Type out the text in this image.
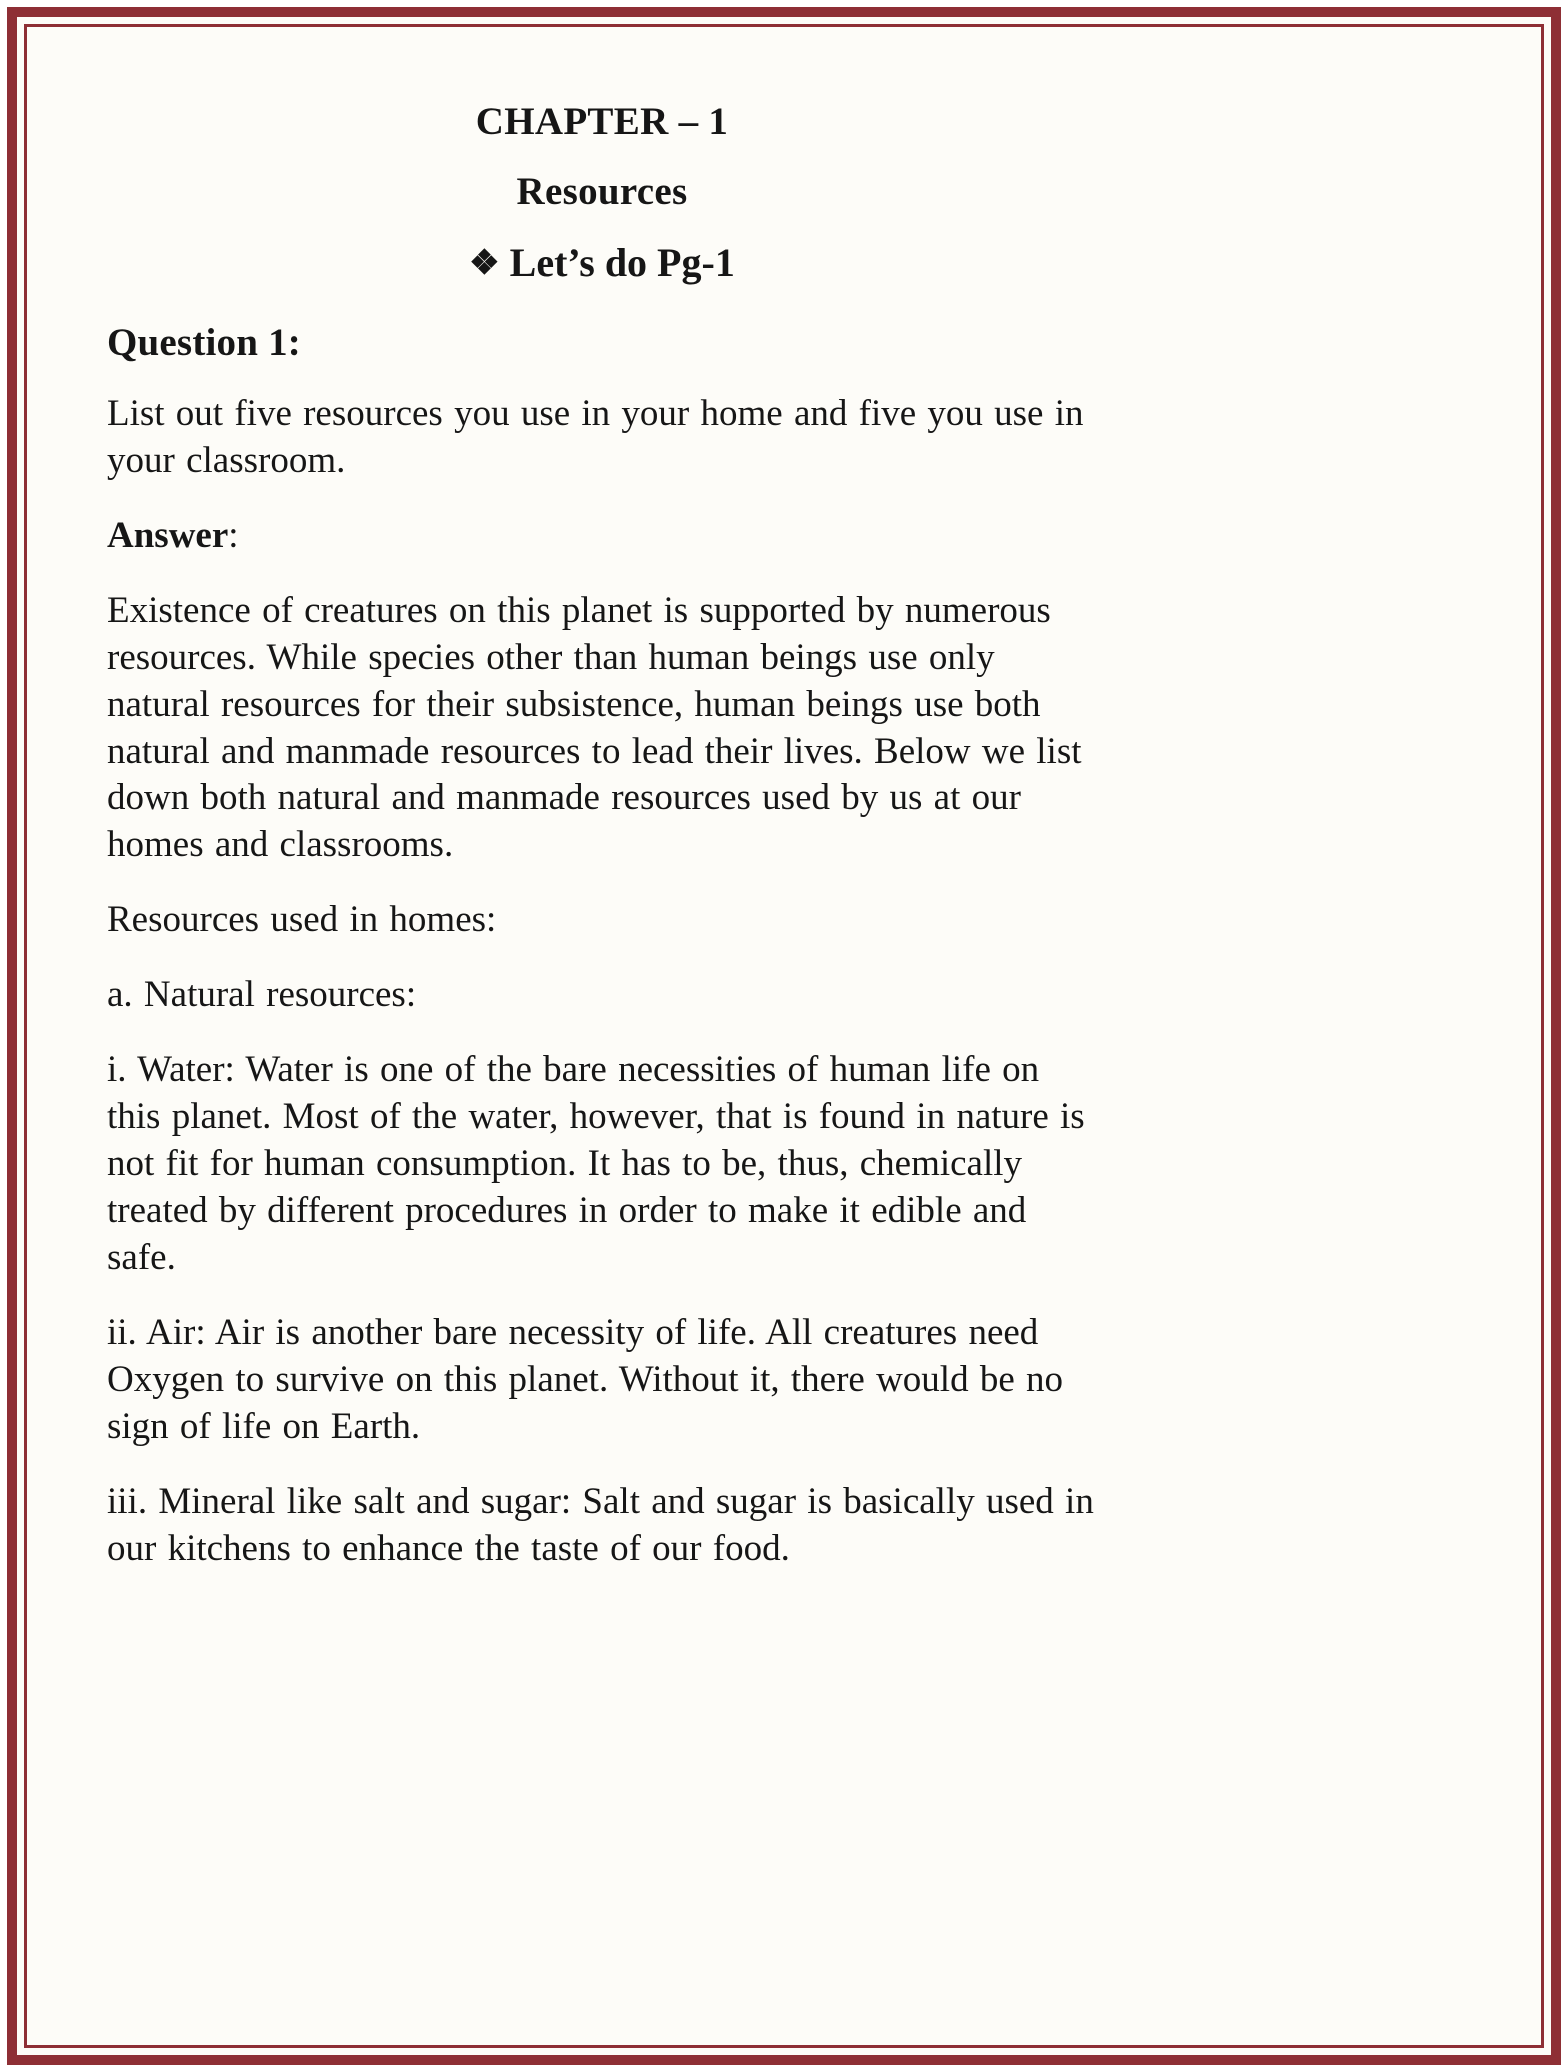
CHAPTER – 1
Resources
❖ Let’s do Pg-1
Question 1:
List out five resources you use in your home and five you use in your classroom.
Answer:
Existence of creatures on this planet is supported by numerous resources. While species other than human beings use only natural resources for their subsistence, human beings use both natural and manmade resources to lead their lives. Below we list down both natural and manmade resources used by us at our homes and classrooms.
Resources used in homes:
a. Natural resources:
i. Water: Water is one of the bare necessities of human life on this planet. Most of the water, however, that is found in nature is not fit for human consumption. It has to be, thus, chemically treated by different procedures in order to make it edible and safe.
ii. Air: Air is another bare necessity of life. All creatures need Oxygen to survive on this planet. Without it, there would be no sign of life on Earth.
iii. Mineral like salt and sugar: Salt and sugar is basically used in our kitchens to enhance the taste of our food.
